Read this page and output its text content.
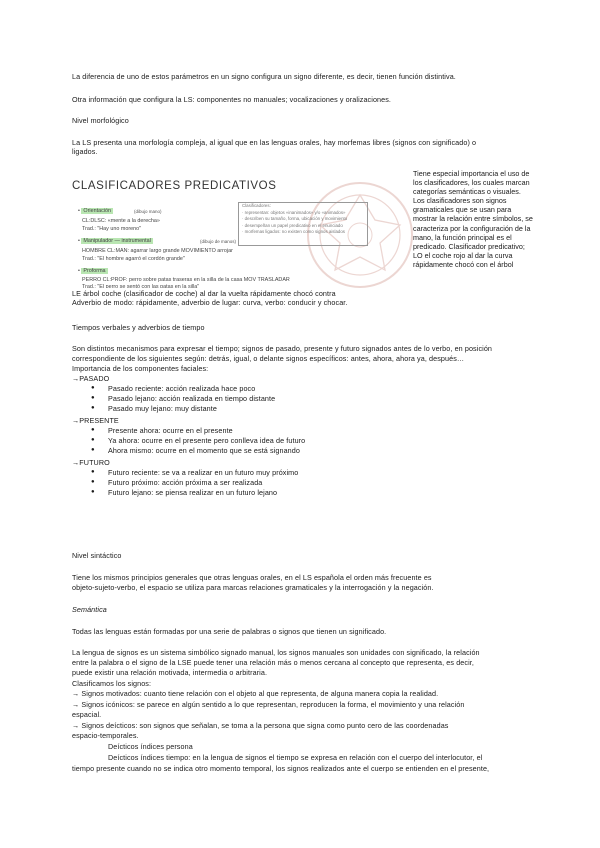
La diferencia de uno de estos parámetros en un signo configura un signo diferente, es decir, tienen función distintiva.
Otra información que configura la LS: componentes no manuales; vocalizaciones y oralizaciones.
Nivel morfológico
La LS presenta una morfología compleja, al igual que en las lenguas orales, hay morfemas libres (signos con significado) o
ligados.
CLASIFICADORES PREDICATIVOS
• Orientación	(dibujo mano)
CL:DLSC: «mente a la derecha»
Trad.: "Hay uno moreno"
• Manipulador — instrumental	(dibujo de manos)
HOMBRE CL:MAN: agarrar largo grande MOVIMIENTO arrojar
Trad.: "El hombre agarró el cordón grande"
• Proforma
PERRO CL:PROF: perro sobre patas traseras en la silla de la casa MOV TRASLADAR
Trad.: "El perro se sentó con las patas en la silla"
Clasificadores:
· representan: objetos «inanimados» y/o «animados»
· describen su tamaño, forma, ubicación y movimiento
· desempeñan un papel predicativo en el enunciado
· morfemas ligados: no existen como signos aislados
Tiene especial importancia el uso de los clasificadores, los cuales marcan categorías semánticas o visuales. Los clasificadores son signos gramaticales que se usan para mostrar la relación entre símbolos, se caracteriza por la configuración de la mano, la función principal es el predicado. Clasificador predicativo; LO el coche rojo al dar la curva rápidamente chocó con el árbol
LE árbol coche (clasificador de coche) al dar la vuelta rápidamente chocó contra
Adverbio de modo: rápidamente, adverbio de lugar: curva, verbo: conducir y chocar.
Tiempos verbales y adverbios de tiempo
Son distintos mecanismos para expresar el tiempo; signos de pasado, presente y futuro signados antes de lo verbo, en posición
correspondiente de los siguientes según: detrás, igual, o delante signos específicos: antes, ahora, ahora ya, después…
Importancia de los componentes faciales:
→PASADO
● Pasado reciente: acción realizada hace poco
● Pasado lejano: acción realizada en tiempo distante
● Pasado muy lejano: muy distante
→PRESENTE
● Presente ahora: ocurre en el presente
● Ya ahora: ocurre en el presente pero conlleva idea de futuro
● Ahora mismo: ocurre en el momento que se está signando
→FUTURO
● Futuro reciente: se va a realizar en un futuro muy próximo
● Futuro próximo: acción próxima a ser realizada
● Futuro lejano: se piensa realizar en un futuro lejano
Nivel sintáctico
Tiene los mismos principios generales que otras lenguas orales, en el LS española el orden más frecuente es
objeto-sujeto-verbo, el espacio se utiliza para marcas relaciones gramaticales y la interrogación y la negación.
Semántica
Todas las lenguas están formadas por una serie de palabras o signos que tienen un significado.
La lengua de signos es un sistema simbólico signado manual, los signos manuales son unidades con significado, la relación
entre la palabra o el signo de la LSE puede tener una relación más o menos cercana al concepto que representa, es decir,
puede existir una relación motivada, intermedia o arbitraria.
Clasificamos los signos:
→ Signos motivados: cuanto tiene relación con el objeto al que representa, de alguna manera copia la realidad.
→ Signos icónicos: se parece en algún sentido a lo que representan, reproducen la forma, el movimiento y una relación
espacial.
→ Signos deícticos: son signos que señalan, se toma a la persona que signa como punto cero de las coordenadas
espacio-temporales.
Deícticos índices persona
Deícticos índices tiempo: en la lengua de signos el tiempo se expresa en relación con el cuerpo del interlocutor, el
tiempo presente cuando no se indica otro momento temporal, los signos realizados ante el cuerpo se entienden en el presente,
